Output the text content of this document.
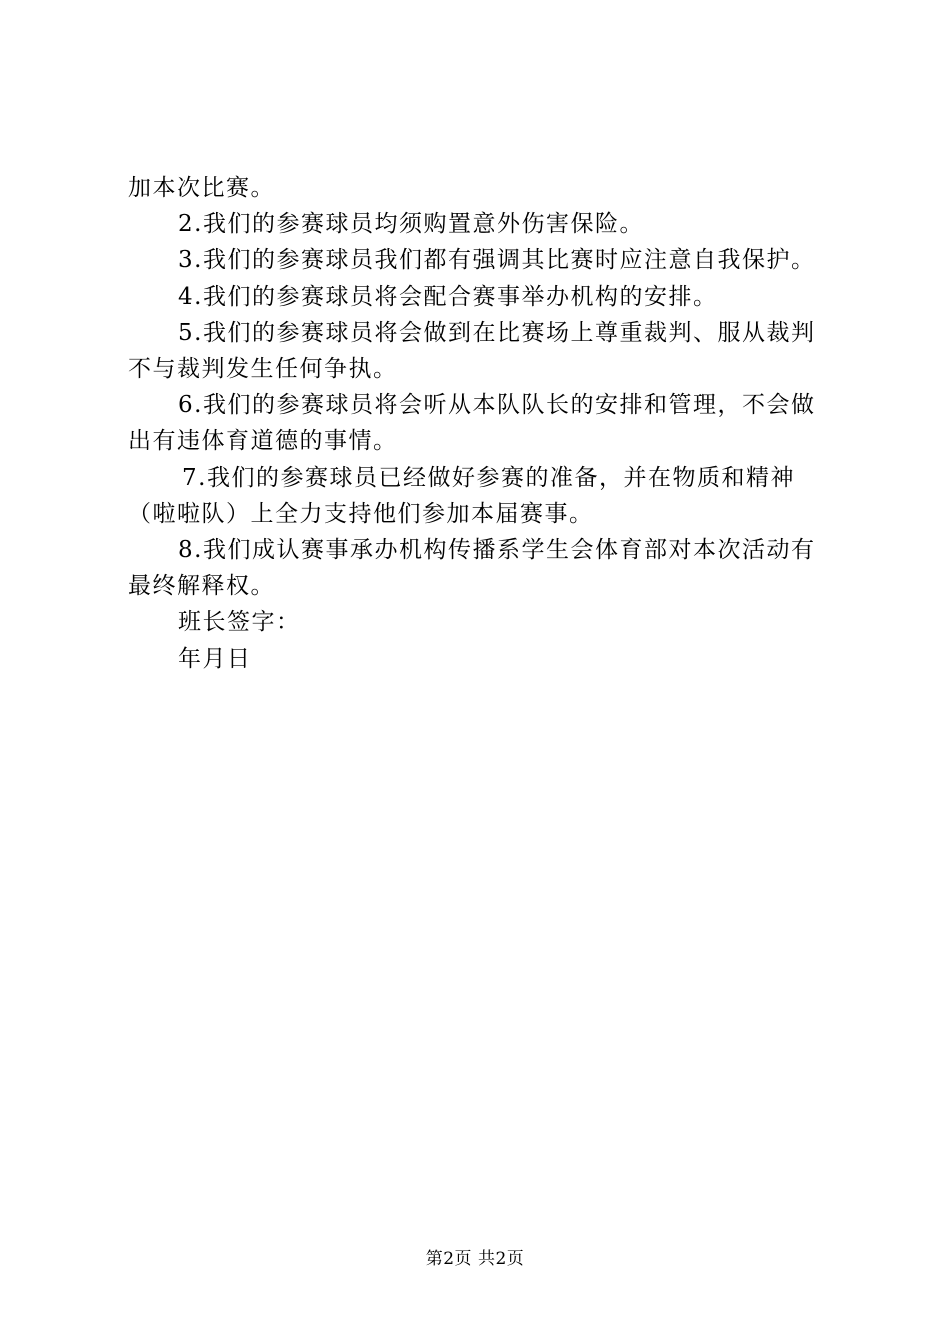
加本次比赛。

2.我们的参赛球员均须购置意外伤害保险。

3.我们的参赛球员我们都有强调其比赛时应注意自我保护。

4.我们的参赛球员将会配合赛事举办机构的安排。

5.我们的参赛球员将会做到在比赛场上尊重裁判、服从裁判

不与裁判发生任何争执。

6.我们的参赛球员将会听从本队队长的安排和管理，不会做

出有违体育道德的事情。

7.我们的参赛球员已经做好参赛的准备，并在物质和精神

（啦啦队）上全力支持他们参加本届赛事。

8.我们成认赛事承办机构传播系学生会体育部对本次活动有

最终解释权。

班长签字：

年月日

第2页 共2页
